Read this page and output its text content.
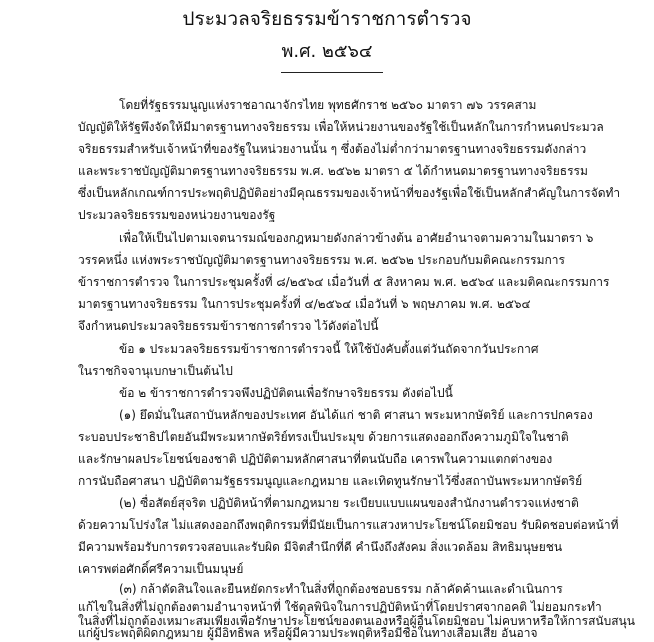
ประมวลจริยธรรมข้าราชการตำรวจ
พ.ศ. ๒๕๖๔
โดยที่รัฐธรรมนูญแห่งราชอาณาจักรไทย พุทธศักราช ๒๕๖๐ มาตรา ๗๖ วรรคสาม
บัญญัติให้รัฐพึงจัดให้มีมาตรฐานทางจริยธรรม เพื่อให้หน่วยงานของรัฐใช้เป็นหลักในการกำหนดประมวล
จริยธรรมสำหรับเจ้าหน้าที่ของรัฐในหน่วยงานนั้น ๆ ซึ่งต้องไม่ต่ำกว่ามาตรฐานทางจริยธรรมดังกล่าว
และพระราชบัญญัติมาตรฐานทางจริยธรรม พ.ศ. ๒๕๖๒ มาตรา ๕ ได้กำหนดมาตรฐานทางจริยธรรม
ซึ่งเป็นหลักเกณฑ์การประพฤติปฏิบัติอย่างมีคุณธรรมของเจ้าหน้าที่ของรัฐเพื่อใช้เป็นหลักสำคัญในการจัดทำ
ประมวลจริยธรรมของหน่วยงานของรัฐ
เพื่อให้เป็นไปตามเจตนารมณ์ของกฎหมายดังกล่าวข้างต้น อาศัยอำนาจตามความในมาตรา ๖
วรรคหนึ่ง แห่งพระราชบัญญัติมาตรฐานทางจริยธรรม พ.ศ. ๒๕๖๒ ประกอบกับมติคณะกรรมการ
ข้าราชการตำรวจ ในการประชุมครั้งที่ ๘/๒๕๖๔ เมื่อวันที่ ๕ สิงหาคม พ.ศ. ๒๕๖๔ และมติคณะกรรมการ
มาตรฐานทางจริยธรรม ในการประชุมครั้งที่ ๔/๒๕๖๔ เมื่อวันที่ ๖ พฤษภาคม พ.ศ. ๒๕๖๔
จึงกำหนดประมวลจริยธรรมข้าราชการตำรวจ ไว้ดังต่อไปนี้
ข้อ ๑ ประมวลจริยธรรมข้าราชการตำรวจนี้ ให้ใช้บังคับตั้งแต่วันถัดจากวันประกาศ
ในราชกิจจานุเบกษาเป็นต้นไป
ข้อ ๒ ข้าราชการตำรวจพึงปฏิบัติตนเพื่อรักษาจริยธรรม ดังต่อไปนี้
(๑) ยึดมั่นในสถาบันหลักของประเทศ อันได้แก่ ชาติ ศาสนา พระมหากษัตริย์ และการปกครอง
ระบอบประชาธิปไตยอันมีพระมหากษัตริย์ทรงเป็นประมุข ด้วยการแสดงออกถึงความภูมิใจในชาติ
และรักษาผลประโยชน์ของชาติ ปฏิบัติตามหลักศาสนาที่ตนนับถือ เคารพในความแตกต่างของ
การนับถือศาสนา ปฏิบัติตามรัฐธรรมนูญและกฎหมาย และเทิดทูนรักษาไว้ซึ่งสถาบันพระมหากษัตริย์
(๒) ซื่อสัตย์สุจริต ปฏิบัติหน้าที่ตามกฎหมาย ระเบียบแบบแผนของสำนักงานตำรวจแห่งชาติ
ด้วยความโปร่งใส ไม่แสดงออกถึงพฤติกรรมที่มีนัยเป็นการแสวงหาประโยชน์โดยมิชอบ รับผิดชอบต่อหน้าที่
มีความพร้อมรับการตรวจสอบและรับผิด มีจิตสำนึกที่ดี คำนึงถึงสังคม สิ่งแวดล้อม สิทธิมนุษยชน
เคารพต่อศักดิ์ศรีความเป็นมนุษย์
(๓) กล้าตัดสินใจและยืนหยัดกระทำในสิ่งที่ถูกต้องชอบธรรม กล้าคัดค้านและดำเนินการ
แก้ไขในสิ่งที่ไม่ถูกต้องตามอำนาจหน้าที่ ใช้ดุลพินิจในการปฏิบัติหน้าที่โดยปราศจากอคติ ไม่ยอมกระทำ
ในสิ่งที่ไม่ถูกต้องเหมาะสมเพียงเพื่อรักษาประโยชน์ของตนเองหรือผู้อื่นโดยมิชอบ ไม่คบหาหรือให้การสนับสนุน
แก่ผู้ประพฤติผิดกฎหมาย ผู้มีอิทธิพล หรือผู้มีความประพฤติหรือมีชื่อในทางเสื่อมเสีย อันอาจ
